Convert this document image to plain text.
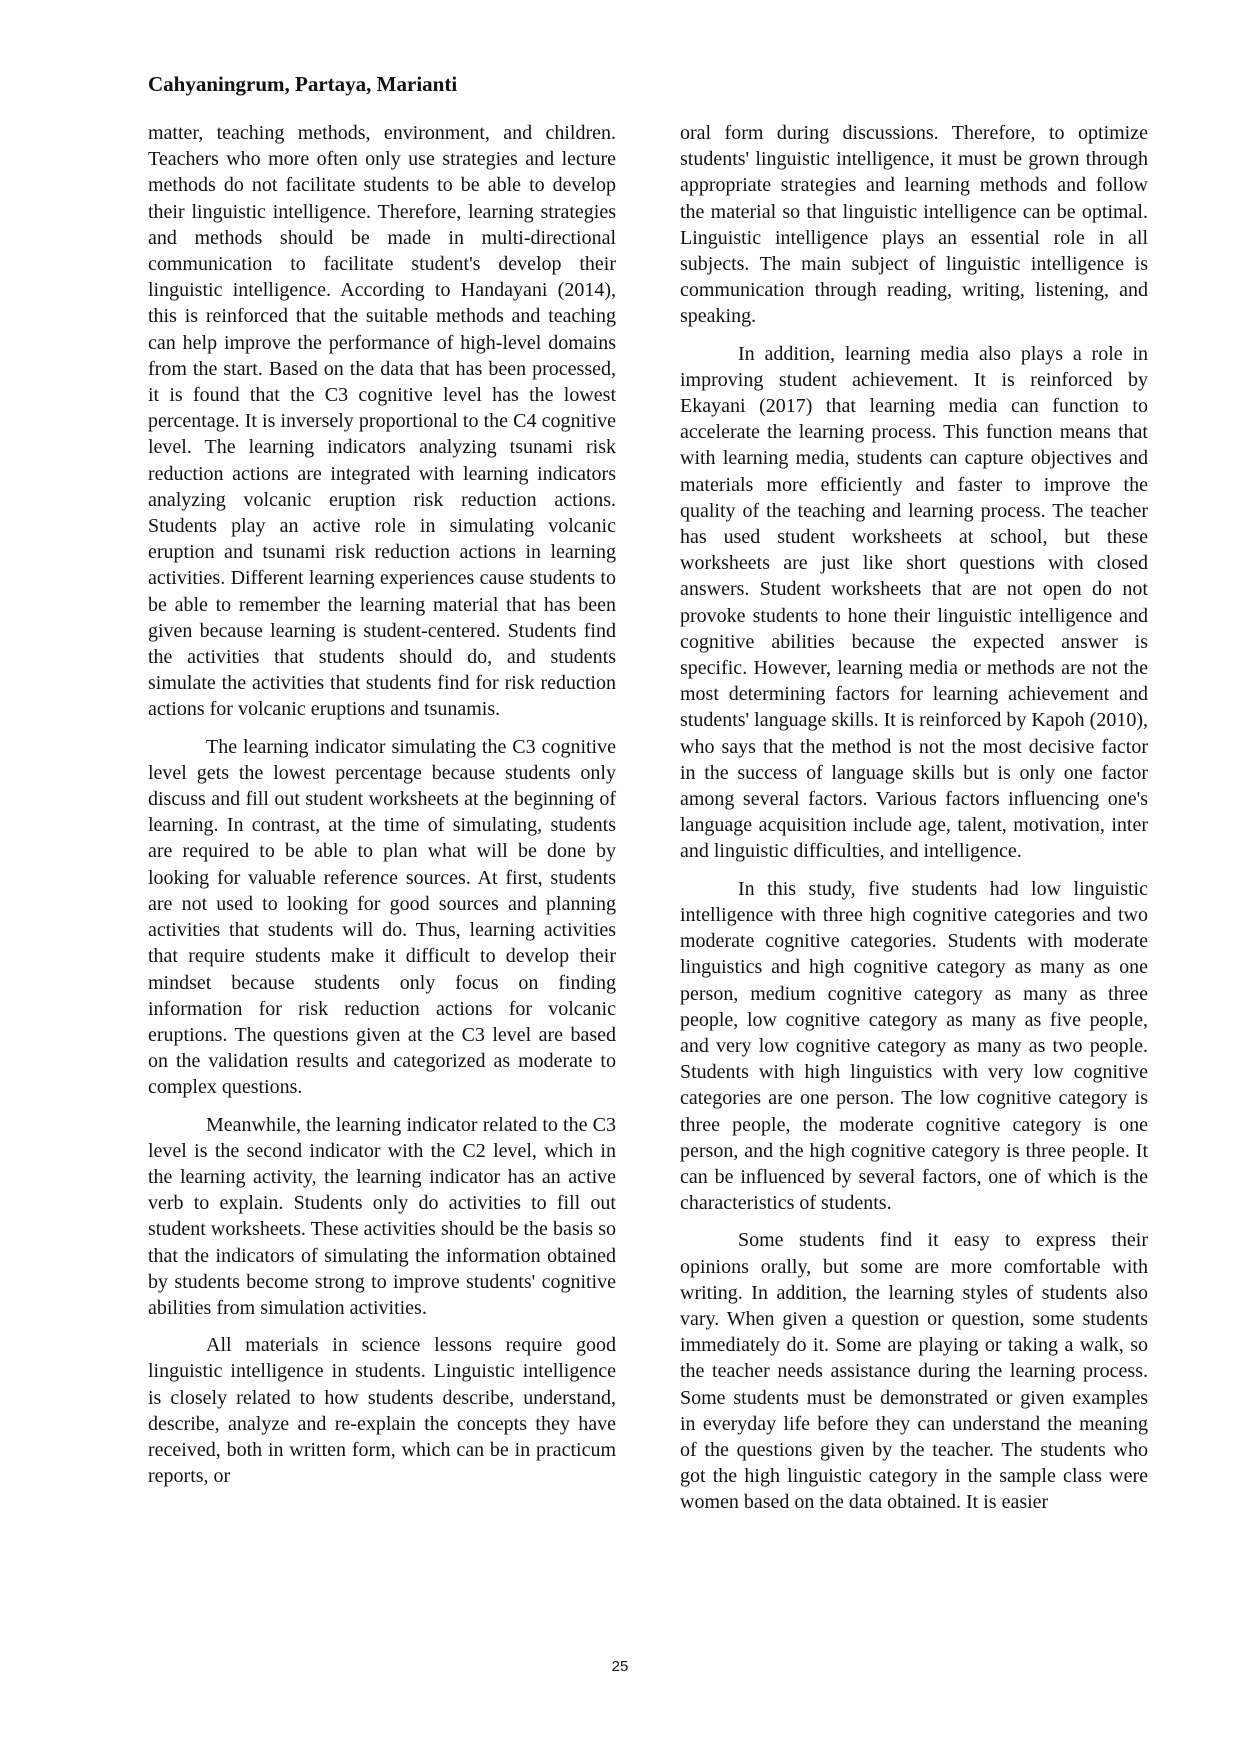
Cahyaningrum, Partaya, Marianti

matter, teaching methods, environment, and children. Teachers who more often only use strategies and lecture methods do not facilitate students to be able to develop their linguistic intelligence. Therefore, learning strategies and methods should be made in multi-directional communication to facilitate student's develop their linguistic intelligence. According to Handayani (2014), this is reinforced that the suitable methods and teaching can help improve the performance of high-level domains from the start. Based on the data that has been processed, it is found that the C3 cognitive level has the lowest percentage. It is inversely proportional to the C4 cognitive level. The learning indicators analyzing tsunami risk reduction actions are integrated with learning indicators analyzing volcanic eruption risk reduction actions. Students play an active role in simulating volcanic eruption and tsunami risk reduction actions in learning activities. Different learning experiences cause students to be able to remember the learning material that has been given because learning is student-centered. Students find the activities that students should do, and students simulate the activities that students find for risk reduction actions for volcanic eruptions and tsunamis.

The learning indicator simulating the C3 cognitive level gets the lowest percentage because students only discuss and fill out student worksheets at the beginning of learning. In contrast, at the time of simulating, students are required to be able to plan what will be done by looking for valuable reference sources. At first, students are not used to looking for good sources and planning activities that students will do. Thus, learning activities that require students make it difficult to develop their mindset because students only focus on finding information for risk reduction actions for volcanic eruptions. The questions given at the C3 level are based on the validation results and categorized as moderate to complex questions.

Meanwhile, the learning indicator related to the C3 level is the second indicator with the C2 level, which in the learning activity, the learning indicator has an active verb to explain. Students only do activities to fill out student worksheets. These activities should be the basis so that the indicators of simulating the information obtained by students become strong to improve students' cognitive abilities from simulation activities.

All materials in science lessons require good linguistic intelligence in students. Linguistic intelligence is closely related to how students describe, understand, describe, analyze and re-explain the concepts they have received, both in written form, which can be in practicum reports, or

oral form during discussions. Therefore, to optimize students' linguistic intelligence, it must be grown through appropriate strategies and learning methods and follow the material so that linguistic intelligence can be optimal. Linguistic intelligence plays an essential role in all subjects. The main subject of linguistic intelligence is communication through reading, writing, listening, and speaking.

In addition, learning media also plays a role in improving student achievement. It is reinforced by Ekayani (2017) that learning media can function to accelerate the learning process. This function means that with learning media, students can capture objectives and materials more efficiently and faster to improve the quality of the teaching and learning process. The teacher has used student worksheets at school, but these worksheets are just like short questions with closed answers. Student worksheets that are not open do not provoke students to hone their linguistic intelligence and cognitive abilities because the expected answer is specific. However, learning media or methods are not the most determining factors for learning achievement and students' language skills. It is reinforced by Kapoh (2010), who says that the method is not the most decisive factor in the success of language skills but is only one factor among several factors. Various factors influencing one's language acquisition include age, talent, motivation, inter and linguistic difficulties, and intelligence.

In this study, five students had low linguistic intelligence with three high cognitive categories and two moderate cognitive categories. Students with moderate linguistics and high cognitive category as many as one person, medium cognitive category as many as three people, low cognitive category as many as five people, and very low cognitive category as many as two people. Students with high linguistics with very low cognitive categories are one person. The low cognitive category is three people, the moderate cognitive category is one person, and the high cognitive category is three people. It can be influenced by several factors, one of which is the characteristics of students.

Some students find it easy to express their opinions orally, but some are more comfortable with writing. In addition, the learning styles of students also vary. When given a question or question, some students immediately do it. Some are playing or taking a walk, so the teacher needs assistance during the learning process. Some students must be demonstrated or given examples in everyday life before they can understand the meaning of the questions given by the teacher. The students who got the high linguistic category in the sample class were women based on the data obtained. It is easier

25
